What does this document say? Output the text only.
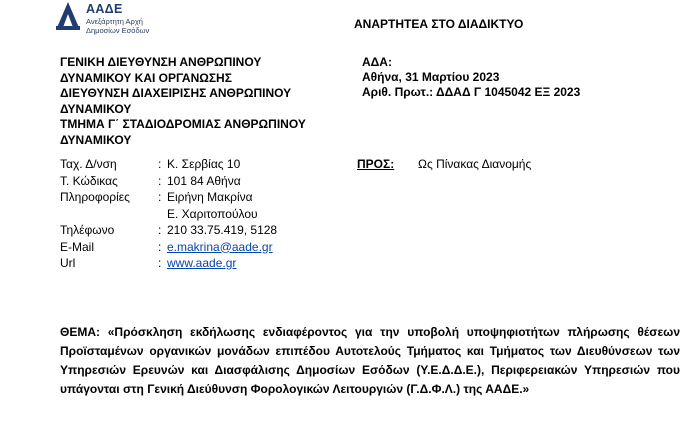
ΑΑΔΕ
Ανεξάρτητη Αρχή
Δημοσίων Εσόδων	ΑΝΑΡΤΗΤΕΑ ΣΤΟ ΔΙΑΔΙΚΤΥΟ
ΓΕΝΙΚΗ ΔΙΕΥΘΥΝΣΗ ΑΝΘΡΩΠΙΝΟΥ
ΔΥΝΑΜΙΚΟΥ ΚΑΙ ΟΡΓΑΝΩΣΗΣ
ΔΙΕΥΘΥΝΣΗ ΔΙΑΧΕΙΡΙΣΗΣ ΑΝΘΡΩΠΙΝΟΥ
ΔΥΝΑΜΙΚΟΥ
ΤΜΗΜΑ Γ΄ ΣΤΑΔΙΟΔΡΟΜΙΑΣ ΑΝΘΡΩΠΙΝΟΥ
ΔΥΝΑΜΙΚΟΥ
ΑΔΑ:
Αθήνα, 31 Μαρτίου 2023
Αριθ. Πρωτ.: ΔΔΑΔ Γ 1045042 ΕΞ 2023
Ταχ. Δ/νση	: Κ. Σερβίας 10
Τ. Κώδικας	: 101 84 Αθήνα
Πληροφορίες : Ειρήνη Μακρίνα
Ε. Χαριτοπούλου
Τηλέφωνο	: 210 33.75.419, 5128
E-Mail	: e.makrina@aade.gr
Url	: www.aade.gr
ΠΡΟΣ: Ως Πίνακας Διανομής
ΘΕΜΑ: «Πρόσκληση εκδήλωσης ενδιαφέροντος για την υποβολή υποψηφιοτήτων πλήρωσης θέσεων Προϊσταμένων οργανικών μονάδων επιπέδου Αυτοτελούς Τμήματος και Τμήματος των Διευθύνσεων των Υπηρεσιών Ερευνών και Διασφάλισης Δημοσίων Εσόδων (Υ.Ε.Δ.Δ.Ε.), Περιφερειακών Υπηρεσιών που υπάγονται στη Γενική Διεύθυνση Φορολογικών Λειτουργιών (Γ.Δ.Φ.Λ.) της ΑΑΔΕ.»
